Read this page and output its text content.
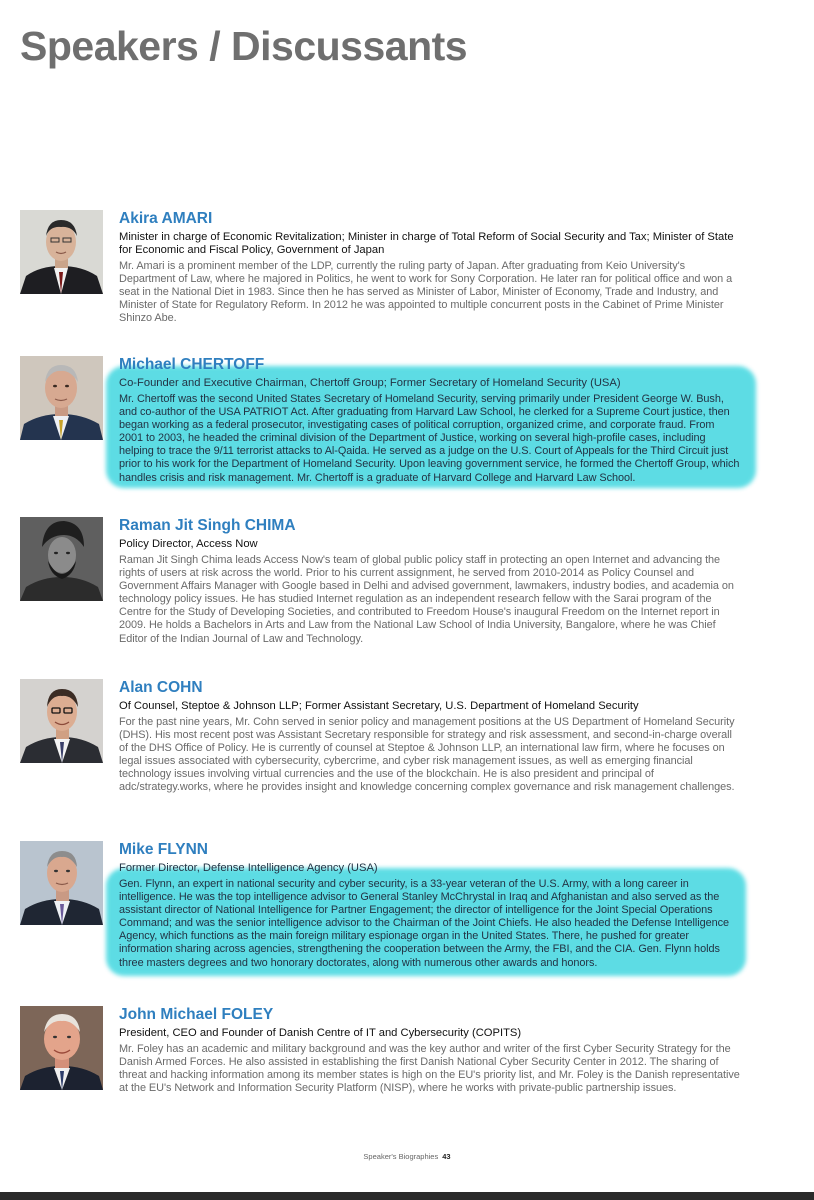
Speakers / Discussants
Akira AMARI
Minister in charge of Economic Revitalization; Minister in charge of Total Reform of Social Security and Tax; Minister of State for Economic and Fiscal Policy, Government of Japan
Mr. Amari is a prominent member of the LDP, currently the ruling party of Japan. After graduating from Keio University's Department of Law, where he majored in Politics, he went to work for Sony Corporation. He later ran for political office and won a seat in the National Diet in 1983. Since then he has served as Minister of Labor, Minister of Economy, Trade and Industry, and Minister of State for Regulatory Reform. In 2012 he was appointed to multiple concurrent posts in the Cabinet of Prime Minister Shinzo Abe.
Michael CHERTOFF
Co-Founder and Executive Chairman, Chertoff Group; Former Secretary of Homeland Security (USA)
Mr. Chertoff was the second United States Secretary of Homeland Security, serving primarily under President George W. Bush, and co-author of the USA PATRIOT Act. After graduating from Harvard Law School, he clerked for a Supreme Court justice, then began working as a federal prosecutor, investigating cases of political corruption, organized crime, and corporate fraud. From 2001 to 2003, he headed the criminal division of the Department of Justice, working on several high-profile cases, including helping to trace the 9/11 terrorist attacks to Al-Qaida. He served as a judge on the U.S. Court of Appeals for the Third Circuit just prior to his work for the Department of Homeland Security. Upon leaving government service, he formed the Chertoff Group, which handles crisis and risk management. Mr. Chertoff is a graduate of Harvard College and Harvard Law School.
Raman Jit Singh CHIMA
Policy Director, Access Now
Raman Jit Singh Chima leads Access Now's team of global public policy staff in protecting an open Internet and advancing the rights of users at risk across the world. Prior to his current assignment, he served from 2010-2014 as Policy Counsel and Government Affairs Manager with Google based in Delhi and advised government, lawmakers, industry bodies, and academia on technology policy issues. He has studied Internet regulation as an independent research fellow with the Sarai program of the Centre for the Study of Developing Societies, and contributed to Freedom House's inaugural Freedom on the Internet report in 2009. He holds a Bachelors in Arts and Law from the National Law School of India University, Bangalore, where he was Chief Editor of the Indian Journal of Law and Technology.
Alan COHN
Of Counsel, Steptoe & Johnson LLP; Former Assistant Secretary, U.S. Department of Homeland Security
For the past nine years, Mr. Cohn served in senior policy and management positions at the US Department of Homeland Security (DHS). His most recent post was Assistant Secretary responsible for strategy and risk assessment, and second-in-charge overall of the DHS Office of Policy. He is currently of counsel at Steptoe & Johnson LLP, an international law firm, where he focuses on legal issues associated with cybersecurity, cybercrime, and cyber risk management issues, as well as emerging financial technology issues involving virtual currencies and the use of the blockchain. He is also president and principal of adc/strategy.works, where he provides insight and knowledge concerning complex governance and risk management challenges.
Mike FLYNN
Former Director, Defense Intelligence Agency (USA)
Gen. Flynn, an expert in national security and cyber security, is a 33-year veteran of the U.S. Army, with a long career in intelligence. He was the top intelligence advisor to General Stanley McChrystal in Iraq and Afghanistan and also served as the assistant director of National Intelligence for Partner Engagement; the director of intelligence for the Joint Special Operations Command; and was the senior intelligence advisor to the Chairman of the Joint Chiefs. He also headed the Defense Intelligence Agency, which functions as the main foreign military espionage organ in the United States. There, he pushed for greater information sharing across agencies, strengthening the cooperation between the Army, the FBI, and the CIA. Gen. Flynn holds three masters degrees and two honorary doctorates, along with numerous other awards and honors.
John Michael FOLEY
President, CEO and Founder of Danish Centre of IT and Cybersecurity (COPITS)
Mr. Foley has an academic and military background and was the key author and writer of the first Cyber Security Strategy for the Danish Armed Forces. He also assisted in establishing the first Danish National Cyber Security Center in 2012. The sharing of threat and hacking information among its member states is high on the EU's priority list, and Mr. Foley is the Danish representative at the EU's Network and Information Security Platform (NISP), where he works with private-public partnership issues.
Speaker's Biographies 43
